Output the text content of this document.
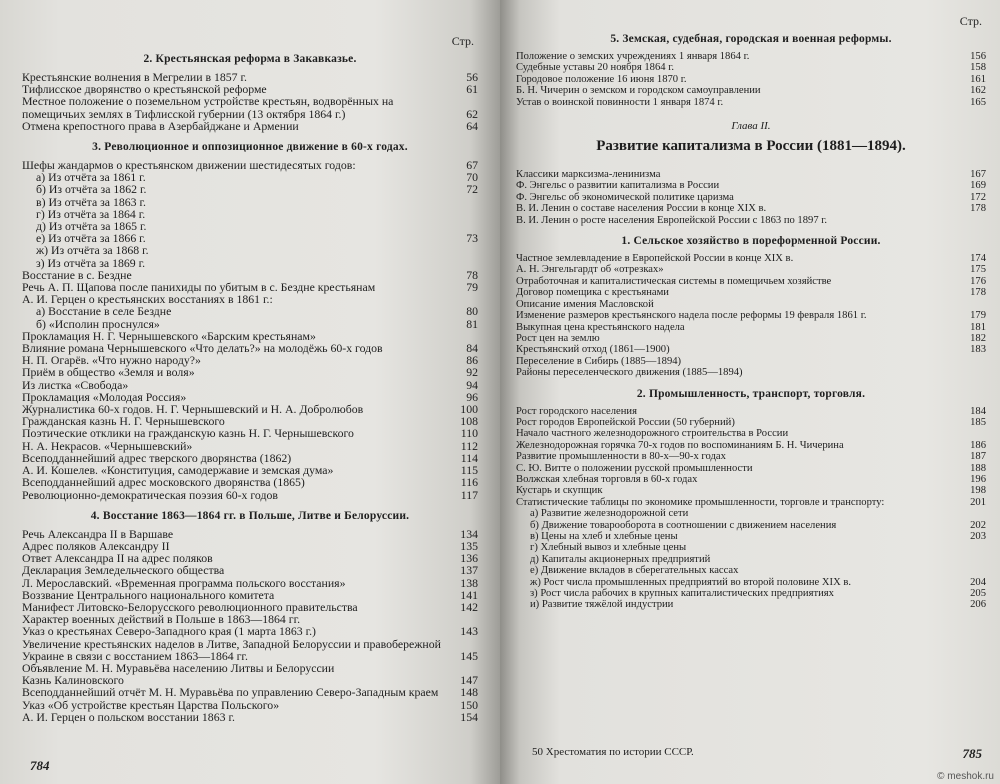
Стр.
2. Крестьянская реформа в Закавказье.
Крестьянские волнения в Мегрелии в 1857 г.	56
Тифлисское дворянство о крестьянской реформе	61
Местное положение о поземельном устройстве крестьян, водворённых на помещичьих землях в Тифлисской губернии (13 октября 1864 г.)	62
Отмена крепостного права в Азербайджане и Армении	64
3. Революционное и оппозиционное движение в 60-х годах.
Шефы жандармов о крестьянском движении шестидесятых годов:	67
а) Из отчёта за 1861 г.	70
б) Из отчёта за 1862 г.	72
в) Из отчёта за 1863 г.
г) Из отчёта за 1864 г.
д) Из отчёта за 1865 г.
е) Из отчёта за 1866 г.	73
ж) Из отчёта за 1868 г.
з) Из отчёта за 1869 г.
Восстание в с. Бездне	78
Речь А. П. Щапова после панихиды по убитым в с. Бездне крестьянам	79
А. И. Герцен о крестьянских восстаниях в 1861 г.:
а) Восстание в селе Бездне	80
б) «Исполин проснулся»	81
Прокламация Н. Г. Чернышевского «Барским крестьянам»
Влияние романа Чернышевского «Что делать?» на молодёжь 60-х годов	84
Н. П. Огарёв. «Что нужно народу?»	86
Приём в общество «Земля и воля»	92
Из листка «Свобода»	94
Прокламация «Молодая Россия»	96
Журналистика 60-х годов. Н. Г. Чернышевский и Н. А. Добролюбов	100
Гражданская казнь Н. Г. Чернышевского	108
Поэтические отклики на гражданскую казнь Н. Г. Чернышевского	110
Н. А. Некрасов. «Чернышевский»	112
Всеподданнейший адрес тверского дворянства (1862)	114
А. И. Кошелев. «Конституция, самодержавие и земская дума»	115
Всеподданнейший адрес московского дворянства (1865)	116
Революционно-демократическая поэзия 60-х годов	117
4. Восстание 1863—1864 гг. в Польше, Литве и Белоруссии.
Речь Александра II в Варшаве	134
Адрес поляков Александру II	135
Ответ Александра II на адрес поляков	136
Декларация Земледельческого общества	137
Л. Мерославский. «Временная программа польского восстания»	138
Воззвание Центрального национального комитета	141
Манифест Литовско-Белорусского революционного правительства	142
Характер военных действий в Польше в 1863—1864 гг.
Указ о крестьянах Северо-Западного края (1 марта 1863 г.)	143
Увеличение крестьянских наделов в Литве, Западной Белоруссии и правобережной Украине в связи с восстанием 1863—1864 гг.	145
Объявление М. Н. Муравьёва населению Литвы и Белоруссии
Казнь Калиновского	147
Всеподданнейший отчёт М. Н. Муравьёва по управлению Северо-Западным краем	148
Указ «Об устройстве крестьян Царства Польского»	150
А. И. Герцен о польском восстании 1863 г.	154
784
Стр.
5. Земская, судебная, городская и военная реформы.
Положение о земских учреждениях 1 января 1864 г.	156
Судебные уставы 20 ноября 1864 г.	158
Городовое положение 16 июня 1870 г.	161
Б. Н. Чичерин о земском и городском самоуправлении	162
Устав о воинской повинности 1 января 1874 г.	165
Глава II.
Развитие капитализма в России (1881—1894).
Классики марксизма-ленинизма	167
Ф. Энгельс о развитии капитализма в России	169
Ф. Энгельс об экономической политике царизма	172
В. И. Ленин о составе населения России в конце XIX в.	178
В. И. Ленин о росте населения Европейской России с 1863 по 1897 г.
1. Сельское хозяйство в пореформенной России.
Частное землевладение в Европейской России в конце XIX в.	174
А. Н. Энгельгардт об «отрезках»	175
Отработочная и капиталистическая системы в помещичьем хозяйстве	176
Договор помещика с крестьянами	178
Описание имения Масловской
Изменение размеров крестьянского надела после реформы 19 февраля 1861 г.	179
Выкупная цена крестьянского надела	181
Рост цен на землю	182
Крестьянский отход (1861—1900)	183
Переселение в Сибирь (1885—1894)
Районы переселенческого движения (1885—1894)
2. Промышленность, транспорт, торговля.
Рост городского населения	184
Рост городов Европейской России (50 губерний)	185
Начало частного железнодорожного строительства в России
Железнодорожная горячка 70-х годов по воспоминаниям Б. Н. Чичерина	186
Развитие промышленности в 80-х—90-х годах	187
С. Ю. Витте о положении русской промышленности	188
Волжская хлебная торговля в 60-х годах	196
Кустарь и скупщик	198
Статистические таблицы по экономике промышленности, торговле и транспорту:	201
а) Развитие железнодорожной сети
б) Движение товарооборота в соотношении с движением населения	202
в) Цены на хлеб и хлебные цены	203
г) Хлебный вывоз и хлебные цены
д) Капиталы акционерных предприятий
е) Движение вкладов в сберегательных кассах
ж) Рост числа промышленных предприятий во второй половине XIX в.	204
з) Рост числа рабочих в крупных капиталистических предприятиях	205
и) Развитие тяжёлой индустрии	206
50 Хрестоматия по истории СССР.	785
© meshok.ru
